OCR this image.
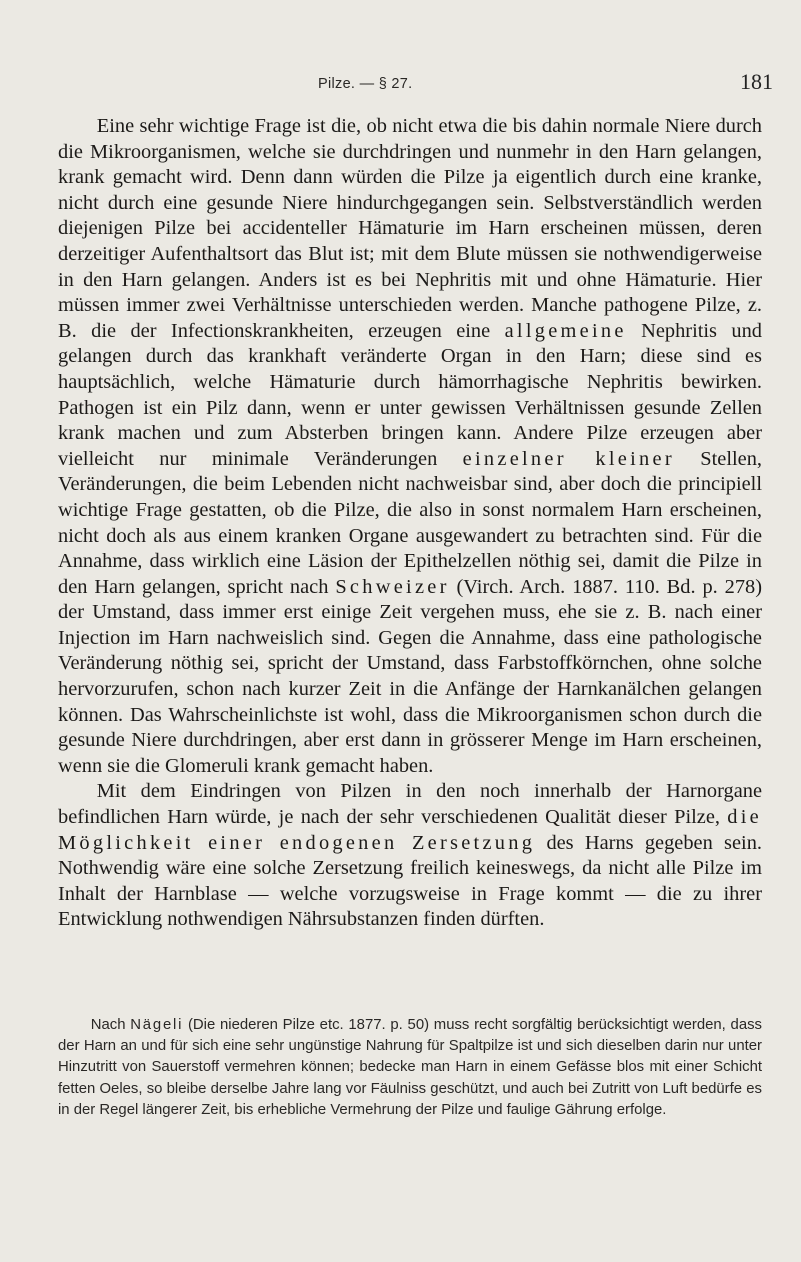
Pilze. — § 27.	181

Eine sehr wichtige Frage ist die, ob nicht etwa die bis dahin normale Niere durch die Mikroorganismen, welche sie durchdringen und nunmehr in den Harn gelangen, krank gemacht wird. Denn dann würden die Pilze ja eigentlich durch eine kranke, nicht durch eine gesunde Niere hindurchgegangen sein. Selbstverständlich werden diejenigen Pilze bei accidenteller Hämaturie im Harn erscheinen müssen, deren derzeitiger Aufenthaltsort das Blut ist; mit dem Blute müssen sie nothwendigerweise in den Harn gelangen. Anders ist es bei Nephritis mit und ohne Hämaturie. Hier müssen immer zwei Verhältnisse unterschieden werden. Manche pathogene Pilze, z. B. die der Infectionskrankheiten, erzeugen eine allgemeine Nephritis und gelangen durch das krankhaft veränderte Organ in den Harn; diese sind es hauptsächlich, welche Hämaturie durch hämorrhagische Nephritis bewirken. Pathogen ist ein Pilz dann, wenn er unter gewissen Verhältnissen gesunde Zellen krank machen und zum Absterben bringen kann. Andere Pilze erzeugen aber vielleicht nur minimale Veränderungen einzelner kleiner Stellen, Veränderungen, die beim Lebenden nicht nachweisbar sind, aber doch die principiell wichtige Frage gestatten, ob die Pilze, die also in sonst normalem Harn erscheinen, nicht doch als aus einem kranken Organe ausgewandert zu betrachten sind. Für die Annahme, dass wirklich eine Läsion der Epithelzellen nöthig sei, damit die Pilze in den Harn gelangen, spricht nach Schweizer (Virch. Arch. 1887. 110. Bd. p. 278) der Umstand, dass immer erst einige Zeit vergehen muss, ehe sie z. B. nach einer Injection im Harn nachweislich sind. Gegen die Annahme, dass eine pathologische Veränderung nöthig sei, spricht der Umstand, dass Farbstoffkörnchen, ohne solche hervorzurufen, schon nach kurzer Zeit in die Anfänge der Harnkanälchen gelangen können. Das Wahrscheinlichste ist wohl, dass die Mikroorganismen schon durch die gesunde Niere durchdringen, aber erst dann in grösserer Menge im Harn erscheinen, wenn sie die Glomeruli krank gemacht haben.

Mit dem Eindringen von Pilzen in den noch innerhalb der Harnorgane befindlichen Harn würde, je nach der sehr verschiedenen Qualität dieser Pilze, die Möglichkeit einer endogenen Zersetzung des Harns gegeben sein. Nothwendig wäre eine solche Zersetzung freilich keineswegs, da nicht alle Pilze im Inhalt der Harnblase — welche vorzugsweise in Frage kommt — die zu ihrer Entwicklung nothwendigen Nährsubstanzen finden dürften.

Nach Nägeli (Die niederen Pilze etc. 1877. p. 50) muss recht sorgfältig berücksichtigt werden, dass der Harn an und für sich eine sehr ungünstige Nahrung für Spaltpilze ist und sich dieselben darin nur unter Hinzutritt von Sauerstoff vermehren können; bedecke man Harn in einem Gefässe blos mit einer Schicht fetten Oeles, so bleibe derselbe Jahre lang vor Fäulniss geschützt, und auch bei Zutritt von Luft bedürfe es in der Regel längerer Zeit, bis erhebliche Vermehrung der Pilze und faulige Gährung erfolge.
